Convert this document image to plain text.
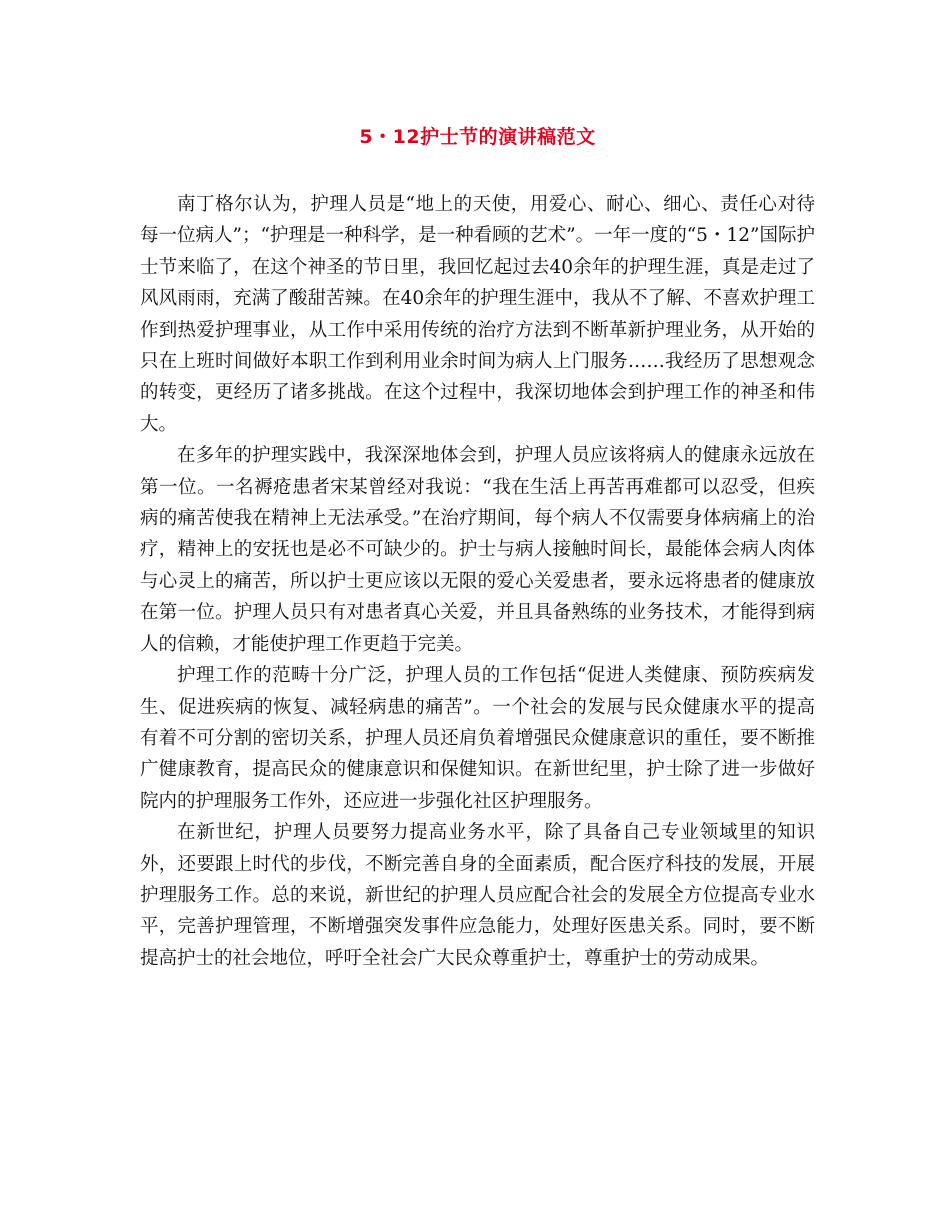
5・12护士节的演讲稿范文

南丁格尔认为，护理人员是“地上的天使，用爱心、耐心、细心、责任心对待每一位病人”；“护理是一种科学，是一种看顾的艺术”。一年一度的“5・12”国际护士节来临了，在这个神圣的节日里，我回忆起过去40余年的护理生涯，真是走过了风风雨雨，充满了酸甜苦辣。在40余年的护理生涯中，我从不了解、不喜欢护理工作到热爱护理事业，从工作中采用传统的治疗方法到不断革新护理业务，从开始的只在上班时间做好本职工作到利用业余时间为病人上门服务……我经历了思想观念的转变，更经历了诸多挑战。在这个过程中，我深切地体会到护理工作的神圣和伟大。

在多年的护理实践中，我深深地体会到，护理人员应该将病人的健康永远放在第一位。一名褥疮患者宋某曾经对我说：“我在生活上再苦再难都可以忍受，但疾病的痛苦使我在精神上无法承受。”在治疗期间，每个病人不仅需要身体病痛上的治疗，精神上的安抚也是必不可缺少的。护士与病人接触时间长，最能体会病人肉体与心灵上的痛苦，所以护士更应该以无限的爱心关爱患者，要永远将患者的健康放在第一位。护理人员只有对患者真心关爱，并且具备熟练的业务技术，才能得到病人的信赖，才能使护理工作更趋于完美。

护理工作的范畴十分广泛，护理人员的工作包括“促进人类健康、预防疾病发生、促进疾病的恢复、减轻病患的痛苦”。一个社会的发展与民众健康水平的提高有着不可分割的密切关系，护理人员还肩负着增强民众健康意识的重任，要不断推广健康教育，提高民众的健康意识和保健知识。在新世纪里，护士除了进一步做好院内的护理服务工作外，还应进一步强化社区护理服务。

在新世纪，护理人员要努力提高业务水平，除了具备自己专业领域里的知识外，还要跟上时代的步伐，不断完善自身的全面素质，配合医疗科技的发展，开展护理服务工作。总的来说，新世纪的护理人员应配合社会的发展全方位提高专业水平，完善护理管理，不断增强突发事件应急能力，处理好医患关系。同时，要不断提高护士的社会地位，呼吁全社会广大民众尊重护士，尊重护士的劳动成果。
